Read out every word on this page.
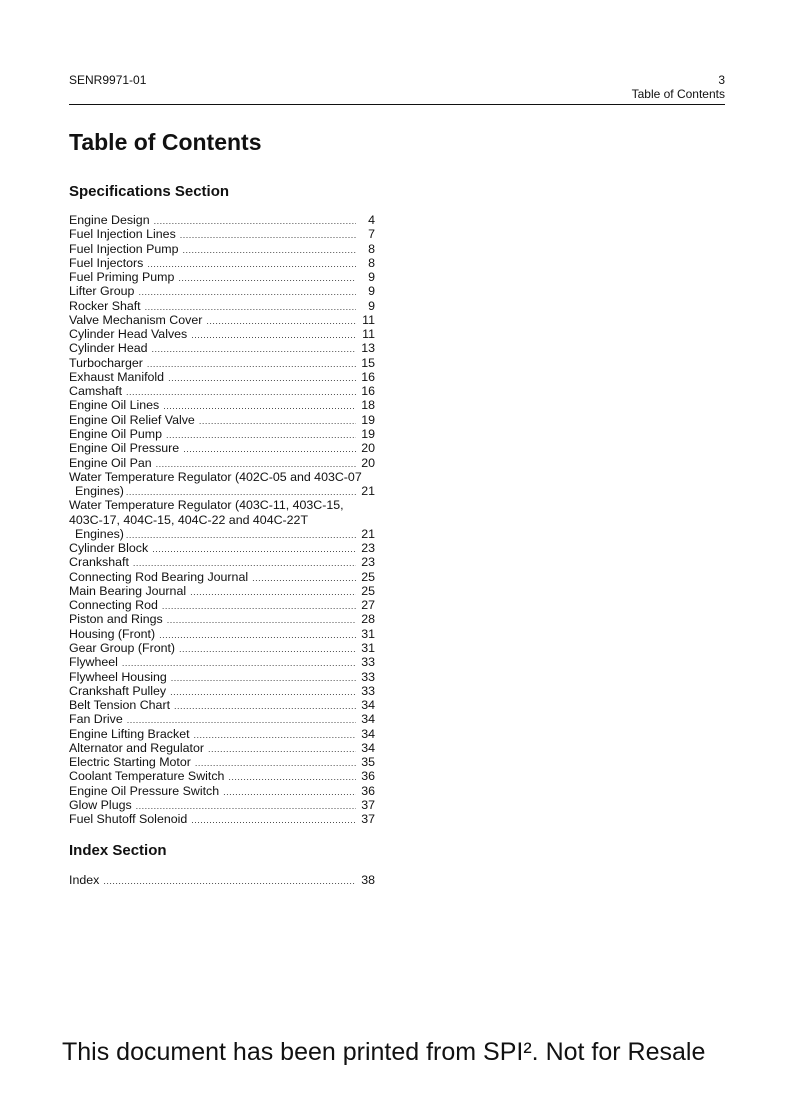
SENR9971-01	3
Table of Contents
Table of Contents
Specifications Section
Engine Design .....	4
Fuel Injection Lines .....	7
Fuel Injection Pump .....	8
Fuel Injectors .....	8
Fuel Priming Pump .....	9
Lifter Group .....	9
Rocker Shaft .....	9
Valve Mechanism Cover .....	11
Cylinder Head Valves .....	11
Cylinder Head .....	13
Turbocharger .....	15
Exhaust Manifold .....	16
Camshaft .....	16
Engine Oil Lines .....	18
Engine Oil Relief Valve .....	19
Engine Oil Pump .....	19
Engine Oil Pressure .....	20
Engine Oil Pan .....	20
Water Temperature Regulator (402C-05 and 403C-07
Engines) .....	21
Water Temperature Regulator (403C-11, 403C-15,
403C-17, 404C-15, 404C-22 and 404C-22T
Engines) .....	21
Cylinder Block .....	23
Crankshaft .....	23
Connecting Rod Bearing Journal .....	25
Main Bearing Journal .....	25
Connecting Rod .....	27
Piston and Rings .....	28
Housing (Front) .....	31
Gear Group (Front) .....	31
Flywheel .....	33
Flywheel Housing .....	33
Crankshaft Pulley .....	33
Belt Tension Chart .....	34
Fan Drive .....	34
Engine Lifting Bracket .....	34
Alternator and Regulator .....	34
Electric Starting Motor .....	35
Coolant Temperature Switch .....	36
Engine Oil Pressure Switch .....	36
Glow Plugs .....	37
Fuel Shutoff Solenoid .....	37
Index Section
Index .....	38
This document has been printed from SPI². Not for Resale
